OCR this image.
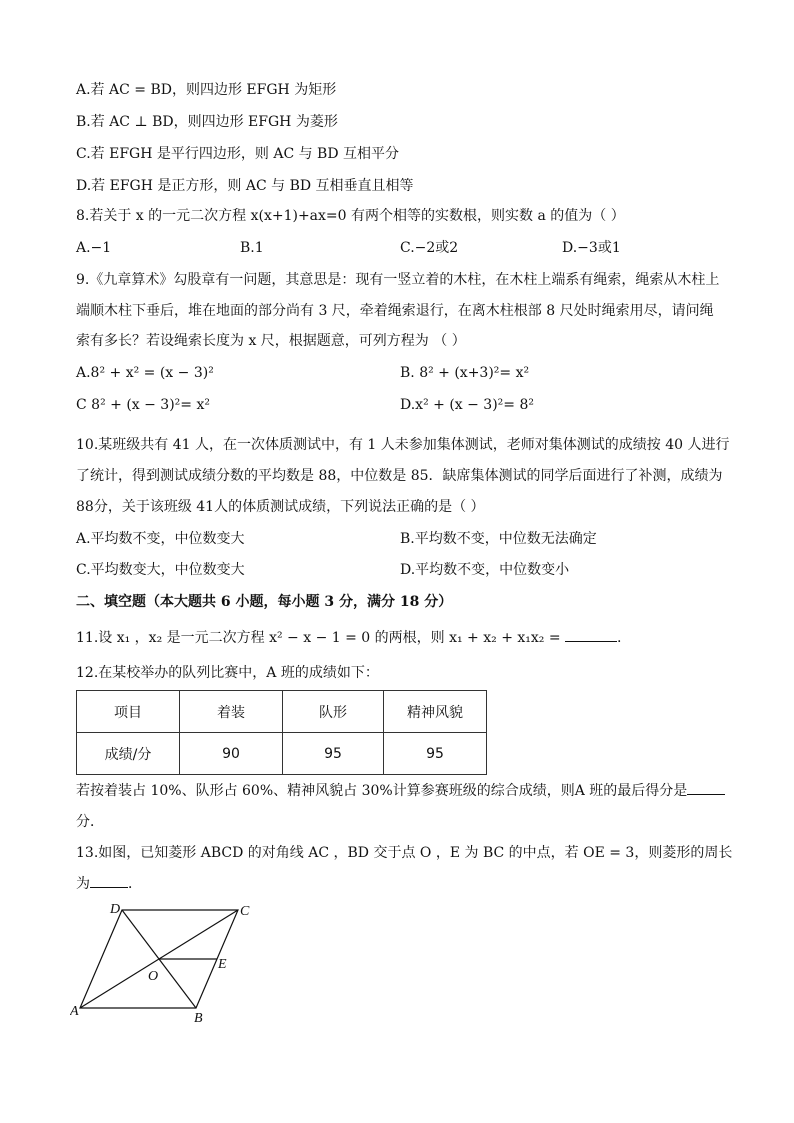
A.若 AC = BD，则四边形 EFGH 为矩形
B.若 AC ⊥ BD，则四边形 EFGH 为菱形
C.若 EFGH 是平行四边形，则 AC 与 BD 互相平分
D.若 EFGH 是正方形，则 AC 与 BD 互相垂直且相等
8.若关于 x 的一元二次方程 x(x+1)+ax=0 有两个相等的实数根，则实数 a 的值为（ ）
A.−1	B.1	C.−2或2	D.−3或1
9.《九章算术》勾股章有一问题，其意思是：现有一竖立着的木柱，在木柱上端系有绳索，绳索从木柱上
端顺木柱下垂后，堆在地面的部分尚有 3 尺，牵着绳索退行，在离木柱根部 8 尺处时绳索用尽，请问绳
索有多长？若设绳索长度为 x 尺，根据题意，可列方程为 （ ）
A.8² + x² = (x − 3)²	B. 8² + (x+3)²= x²
C 8² + (x − 3)²= x²	D.x² + (x − 3)²= 8²
10.某班级共有 41 人，在一次体质测试中，有 1 人未参加集体测试，老师对集体测试的成绩按 40 人进行
了统计，得到测试成绩分数的平均数是 88，中位数是 85．缺席集体测试的同学后面进行了补测，成绩为
88分，关于该班级 41人的体质测试成绩，下列说法正确的是（ ）
A.平均数不变，中位数变大	B.平均数不变，中位数无法确定
C.平均数变大，中位数变大	D.平均数不变，中位数变小
二、填空题（本大题共 6 小题，每小题 3 分，满分 18 分）
11.设 x₁ ，x₂ 是一元二次方程 x² − x − 1 = 0 的两根，则 x₁ + x₂ + x₁x₂ =	.
12.在某校举办的队列比赛中，A 班的成绩如下：
项目	着装	队形	精神风貌
成绩/分	90	95	95
若按着装占 10%、队形占 60%、精神风貌占 30%计算参赛班级的综合成绩，则A 班的最后得分是
分．
13.如图，已知菱形 ABCD 的对角线 AC ，BD 交于点 O ，E 为 BC 的中点，若 OE = 3，则菱形的周长
为	．
D	C
A	B
O
E
